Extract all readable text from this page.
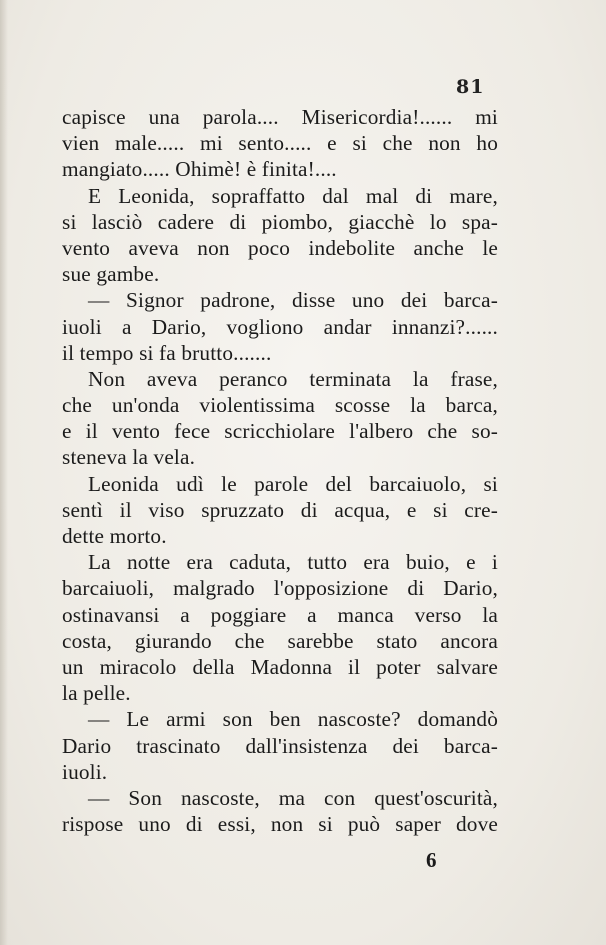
81
capisce una parola.... Misericordia!...... mi
vien male..... mi sento..... e si che non ho
mangiato..... Ohimè! è finita!....
E Leonida, sopraffatto dal mal di mare,
si lasciò cadere di piombo, giacchè lo spa-
vento aveva non poco indebolite anche le
sue gambe.
— Signor padrone, disse uno dei barca-
iuoli a Dario, vogliono andar innanzi?......
il tempo si fa brutto.......
Non aveva peranco terminata la frase,
che un'onda violentissima scosse la barca,
e il vento fece scricchiolare l'albero che so-
steneva la vela.
Leonida udì le parole del barcaiuolo, si
sentì il viso spruzzato di acqua, e si cre-
dette morto.
La notte era caduta, tutto era buio, e i
barcaiuoli, malgrado l'opposizione di Dario,
ostinavansi a poggiare a manca verso la
costa, giurando che sarebbe stato ancora
un miracolo della Madonna il poter salvare
la pelle.
— Le armi son ben nascoste? domandò
Dario trascinato dall'insistenza dei barca-
iuoli.
— Son nascoste, ma con quest'oscurità,
rispose uno di essi, non si può saper dove
6
